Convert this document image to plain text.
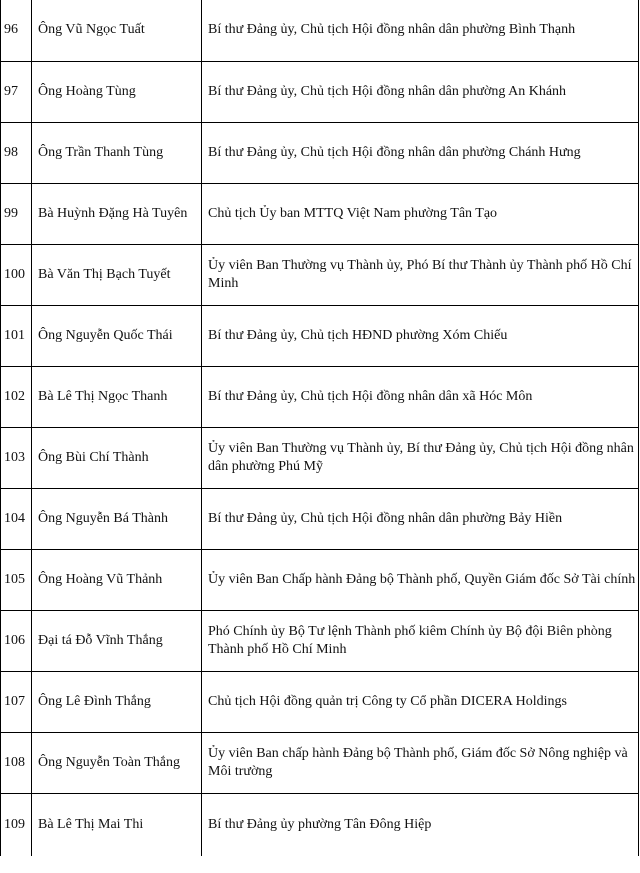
96	Ông Vũ Ngọc Tuất	Bí thư Đảng ủy, Chủ tịch Hội đồng nhân dân phường Bình Thạnh

97	Ông Hoàng Tùng	Bí thư Đảng ủy, Chủ tịch Hội đồng nhân dân phường An Khánh

98	Ông Trần Thanh Tùng	Bí thư Đảng ủy, Chủ tịch Hội đồng nhân dân phường Chánh Hưng

99	Bà Huỳnh Đặng Hà Tuyên	Chủ tịch Ủy ban MTTQ Việt Nam phường Tân Tạo

100	Bà Văn Thị Bạch Tuyết	Ủy viên Ban Thường vụ Thành ủy, Phó Bí thư Thành ủy Thành phố Hồ Chí Minh

101	Ông Nguyễn Quốc Thái	Bí thư Đảng ủy, Chủ tịch HĐND phường Xóm Chiếu

102	Bà Lê Thị Ngọc Thanh	Bí thư Đảng ủy, Chủ tịch Hội đồng nhân dân xã Hóc Môn

103	Ông Bùi Chí Thành	Ủy viên Ban Thường vụ Thành ủy, Bí thư Đảng ủy, Chủ tịch Hội đồng nhân dân phường Phú Mỹ

104	Ông Nguyễn Bá Thành	Bí thư Đảng ủy, Chủ tịch Hội đồng nhân dân phường Bảy Hiền

105	Ông Hoàng Vũ Thảnh	Ủy viên Ban Chấp hành Đảng bộ Thành phố, Quyền Giám đốc Sở Tài chính

106	Đại tá Đỗ Vĩnh Thắng	Phó Chính ủy Bộ Tư lệnh Thành phố kiêm Chính ủy Bộ đội Biên phòng Thành phố Hồ Chí Minh

107	Ông Lê Đình Thắng	Chủ tịch Hội đồng quản trị Công ty Cổ phần DICERA Holdings

108	Ông Nguyễn Toàn Thắng	Ủy viên Ban chấp hành Đảng bộ Thành phố, Giám đốc Sở Nông nghiệp và Môi trường

109	Bà Lê Thị Mai Thi	Bí thư Đảng ủy phường Tân Đông Hiệp
